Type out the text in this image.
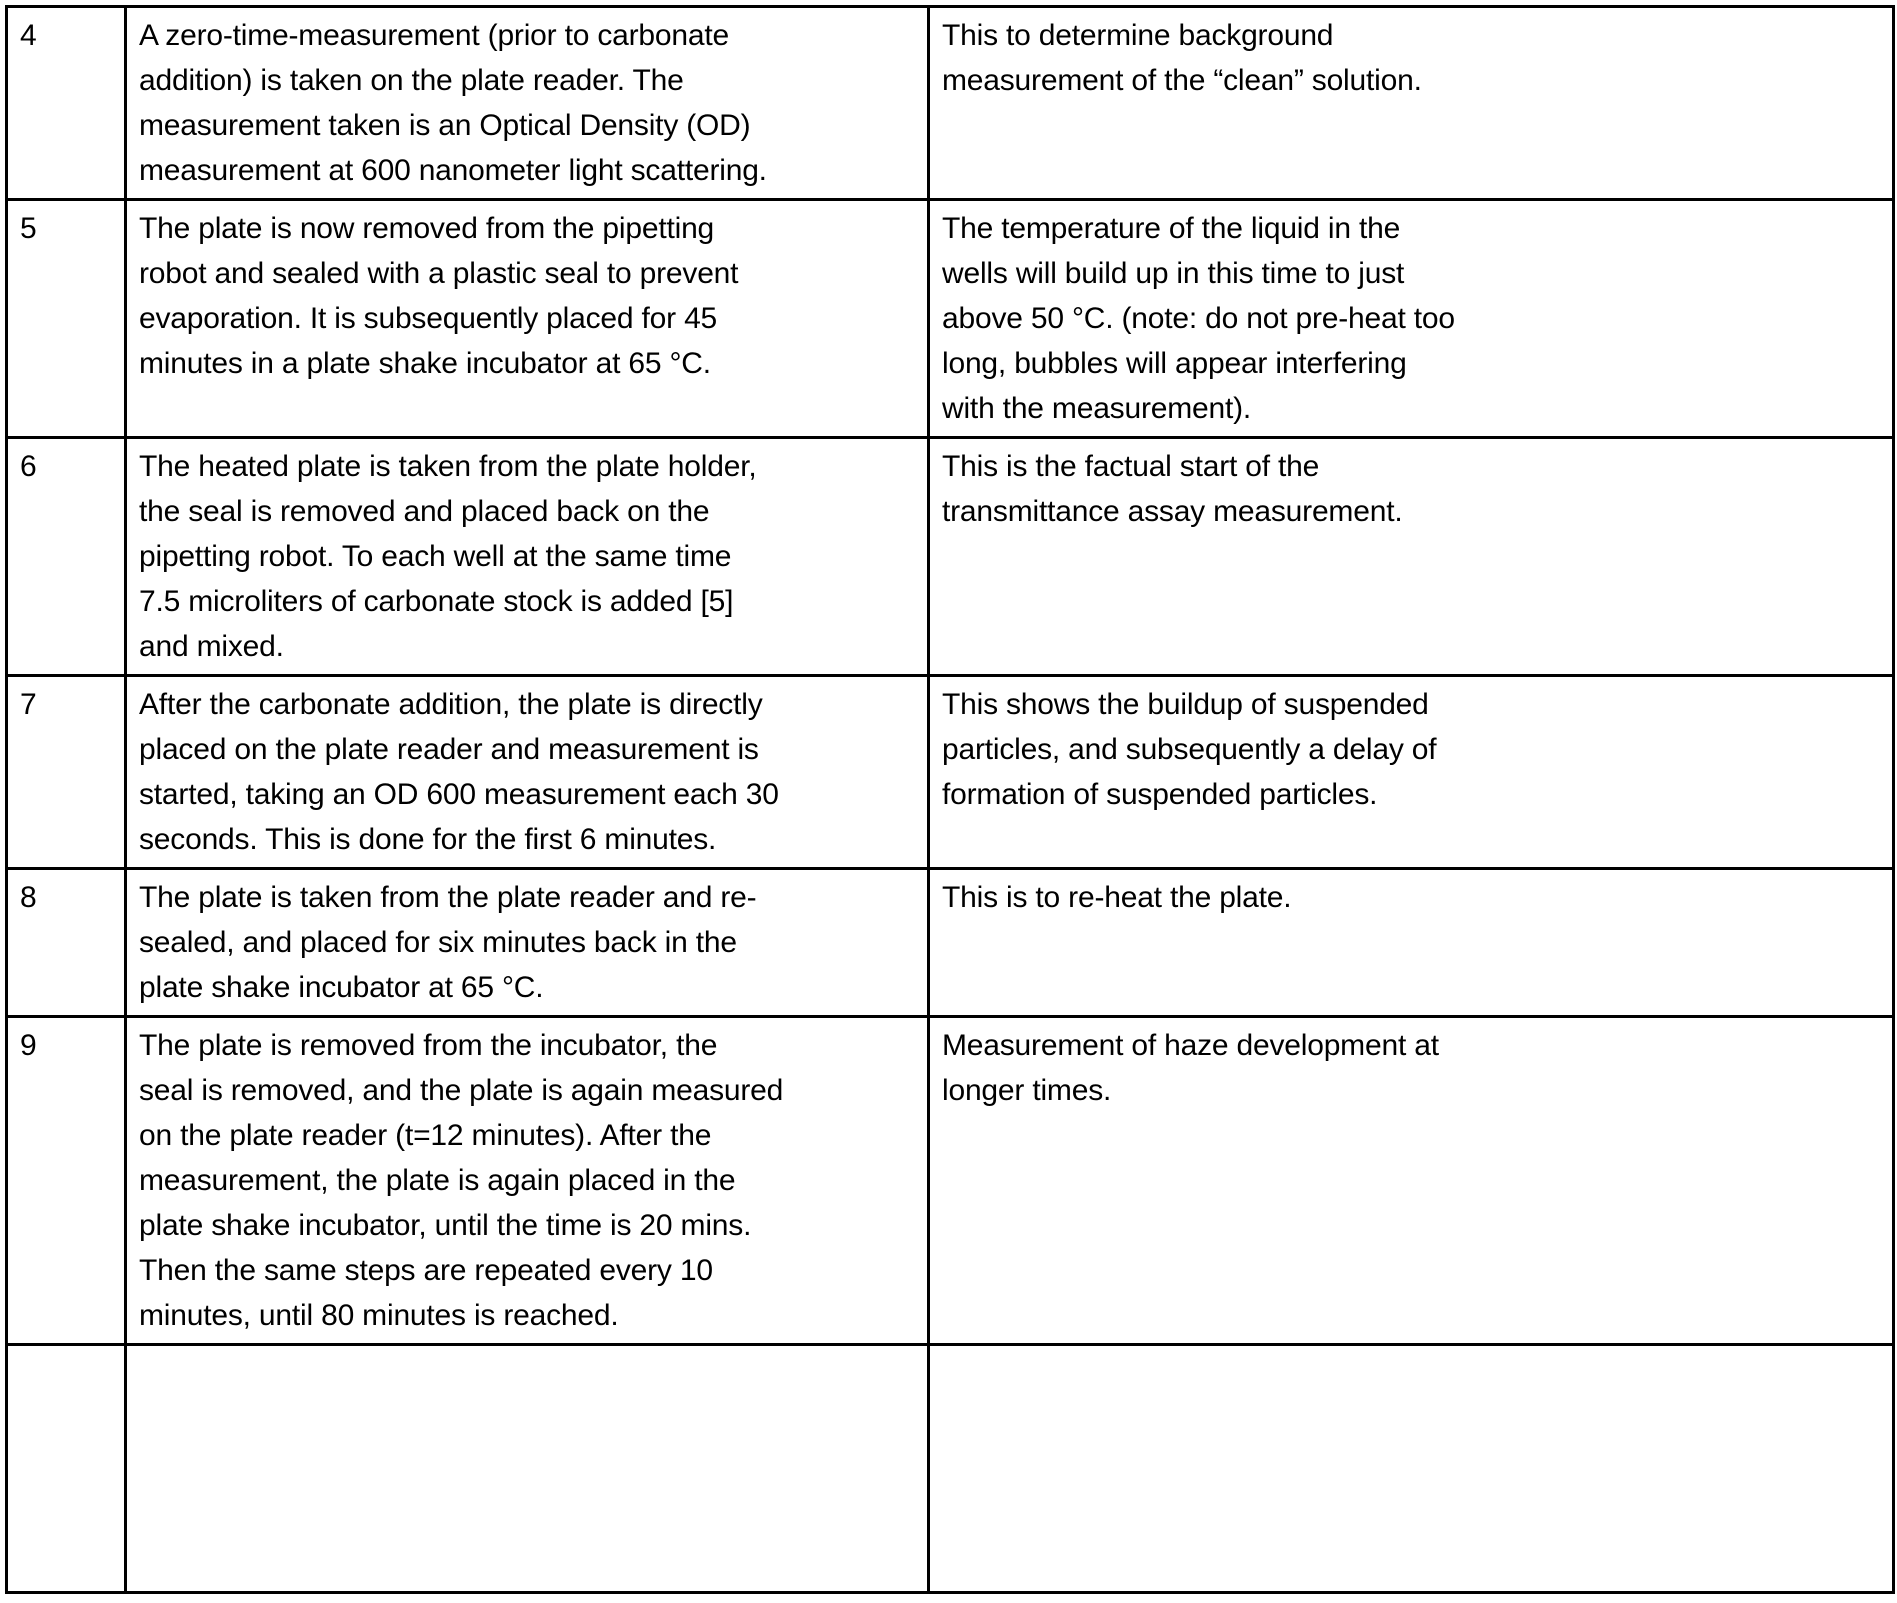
4	A zero-time-measurement (prior to carbonate
addition) is taken on the plate reader. The
measurement taken is an Optical Density (OD)
measurement at 600 nanometer light scattering.	This to determine background
measurement of the “clean” solution.
5	The plate is now removed from the pipetting
robot and sealed with a plastic seal to prevent
evaporation. It is subsequently placed for 45
minutes in a plate shake incubator at 65 °C.	The temperature of the liquid in the
wells will build up in this time to just
above 50 °C. (note: do not pre-heat too
long, bubbles will appear interfering
with the measurement).
6	The heated plate is taken from the plate holder,
the seal is removed and placed back on the
pipetting robot. To each well at the same time
7.5 microliters of carbonate stock is added [5]
and mixed.	This is the factual start of the
transmittance assay measurement.
7	After the carbonate addition, the plate is directly
placed on the plate reader and measurement is
started, taking an OD 600 measurement each 30
seconds. This is done for the first 6 minutes.	This shows the buildup of suspended
particles, and subsequently a delay of
formation of suspended particles.
8	The plate is taken from the plate reader and re-
sealed, and placed for six minutes back in the
plate shake incubator at 65 °C.	This is to re-heat the plate.
9	The plate is removed from the incubator, the
seal is removed, and the plate is again measured
on the plate reader (t=12 minutes). After the
measurement, the plate is again placed in the
plate shake incubator, until the time is 20 mins.
Then the same steps are repeated every 10
minutes, until 80 minutes is reached.	Measurement of haze development at
longer times.
